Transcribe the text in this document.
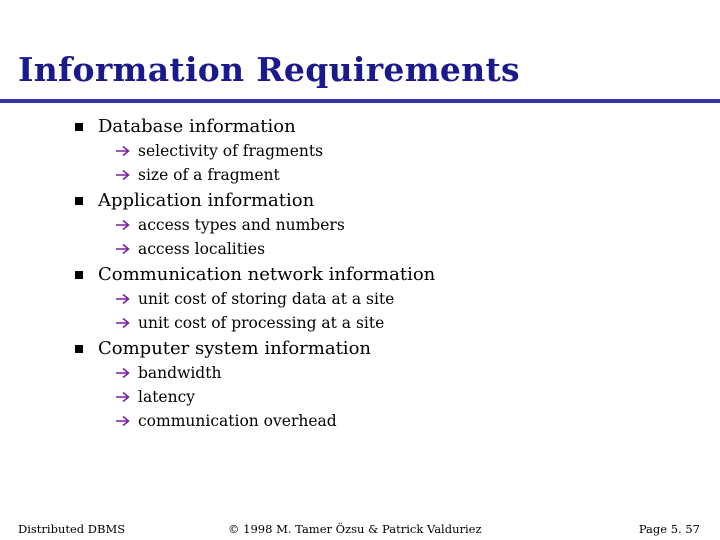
Information Requirements
Database information
selectivity of fragments
size of a fragment
Application information
access types and numbers
access localities
Communication network information
unit cost of storing data at a site
unit cost of processing at a site
Computer system information
bandwidth
latency
communication overhead
Distributed DBMS	© 1998 M. Tamer Özsu & Patrick Valduriez	Page 5. 57
